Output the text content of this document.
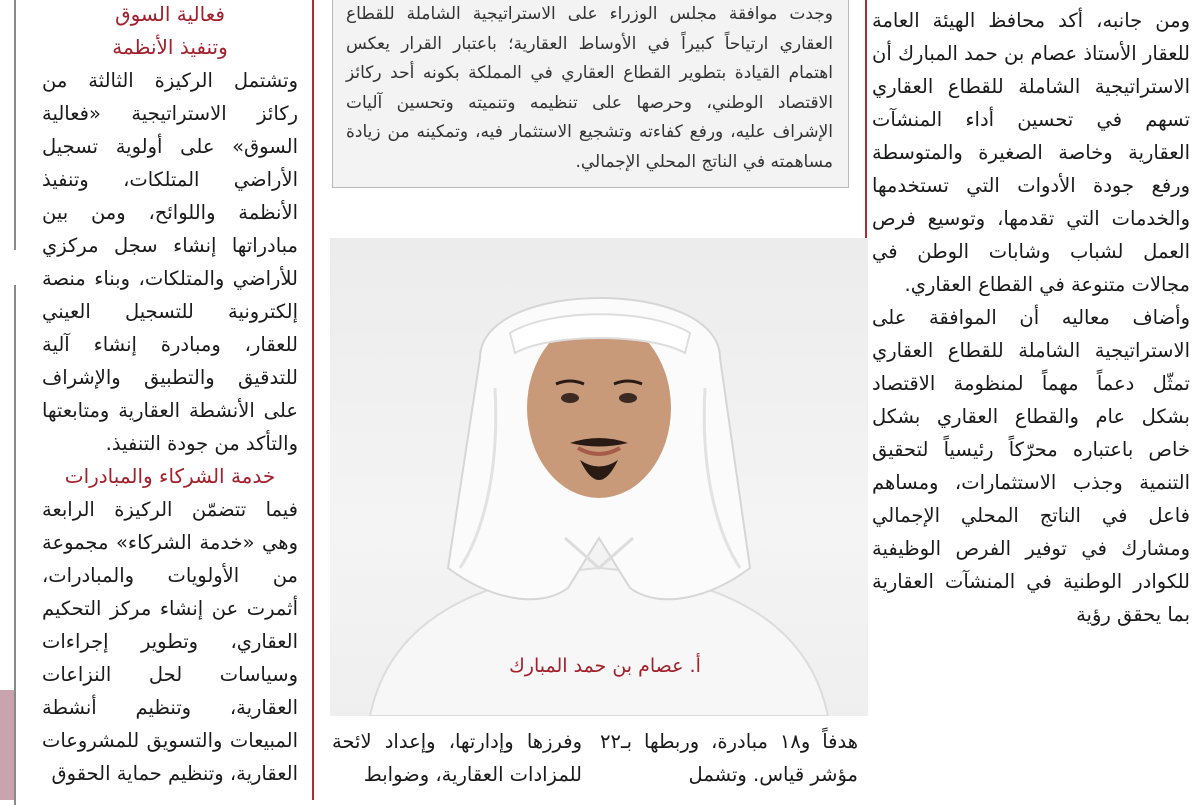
ومن جانبه، أكد محافظ الهيئة العامة للعقار الأستاذ عصام بن حمد المبارك أن الاستراتيجية الشاملة للقطاع العقاري تسهم في تحسين أداء المنشآت العقارية وخاصة الصغيرة والمتوسطة ورفع جودة الأدوات التي تستخدمها والخدمات التي تقدمها، وتوسيع فرص العمل لشباب وشابات الوطن في مجالات متنوعة في القطاع العقاري.

وأضاف معاليه أن الموافقة على الاستراتيجية الشاملة للقطاع العقاري تمثّل دعماً مهماً لمنظومة الاقتصاد بشكل عام والقطاع العقاري بشكل خاص باعتباره محرّكاً رئيسياً لتحقيق التنمية وجذب الاستثمارات، ومساهم فاعل في الناتج المحلي الإجمالي ومشارك في توفير الفرص الوظيفية للكوادر الوطنية في المنشآت العقارية بما يحقق رؤية

وجدت موافقة مجلس الوزراء على الاستراتيجية الشاملة للقطاع العقاري ارتياحاً كبيراً في الأوساط العقارية؛ باعتبار القرار يعكس اهتمام القيادة بتطوير القطاع العقاري في المملكة بكونه أحد ركائز الاقتصاد الوطني، وحرصها على تنظيمه وتنميته وتحسين آليات الإشراف عليه، ورفع كفاءته وتشجيع الاستثمار فيه، وتمكينه من زيادة مساهمته في الناتج المحلي الإجمالي.
أ. عصام بن حمد المبارك
هدفاً و١٨ مبادرة، وربطها بـ٢٢ مؤشر قياس. وتشمل
وفرزها وإدارتها، وإعداد لائحة للمزادات العقارية، وضوابط

فعالية السوق

وتنفيذ الأنظمة

وتشتمل الركيزة الثالثة من ركائز الاستراتيجية «فعالية السوق» على أولوية تسجيل الأراضي المتلكات، وتنفيذ الأنظمة واللوائح، ومن بين مبادراتها إنشاء سجل مركزي للأراضي والمتلكات، وبناء منصة إلكترونية للتسجيل العيني للعقار، ومبادرة إنشاء آلية للتدقيق والتطبيق والإشراف على الأنشطة العقارية ومتابعتها والتأكد من جودة التنفيذ.

خدمة الشركاء والمبادرات

فيما تتضمّن الركيزة الرابعة وهي «خدمة الشركاء» مجموعة من الأولويات والمبادرات، أثمرت عن إنشاء مركز التحكيم العقاري، وتطوير إجراءات وسياسات لحل النزاعات العقارية، وتنظيم أنشطة المبيعات والتسويق للمشروعات العقارية، وتنظيم حماية الحقوق
